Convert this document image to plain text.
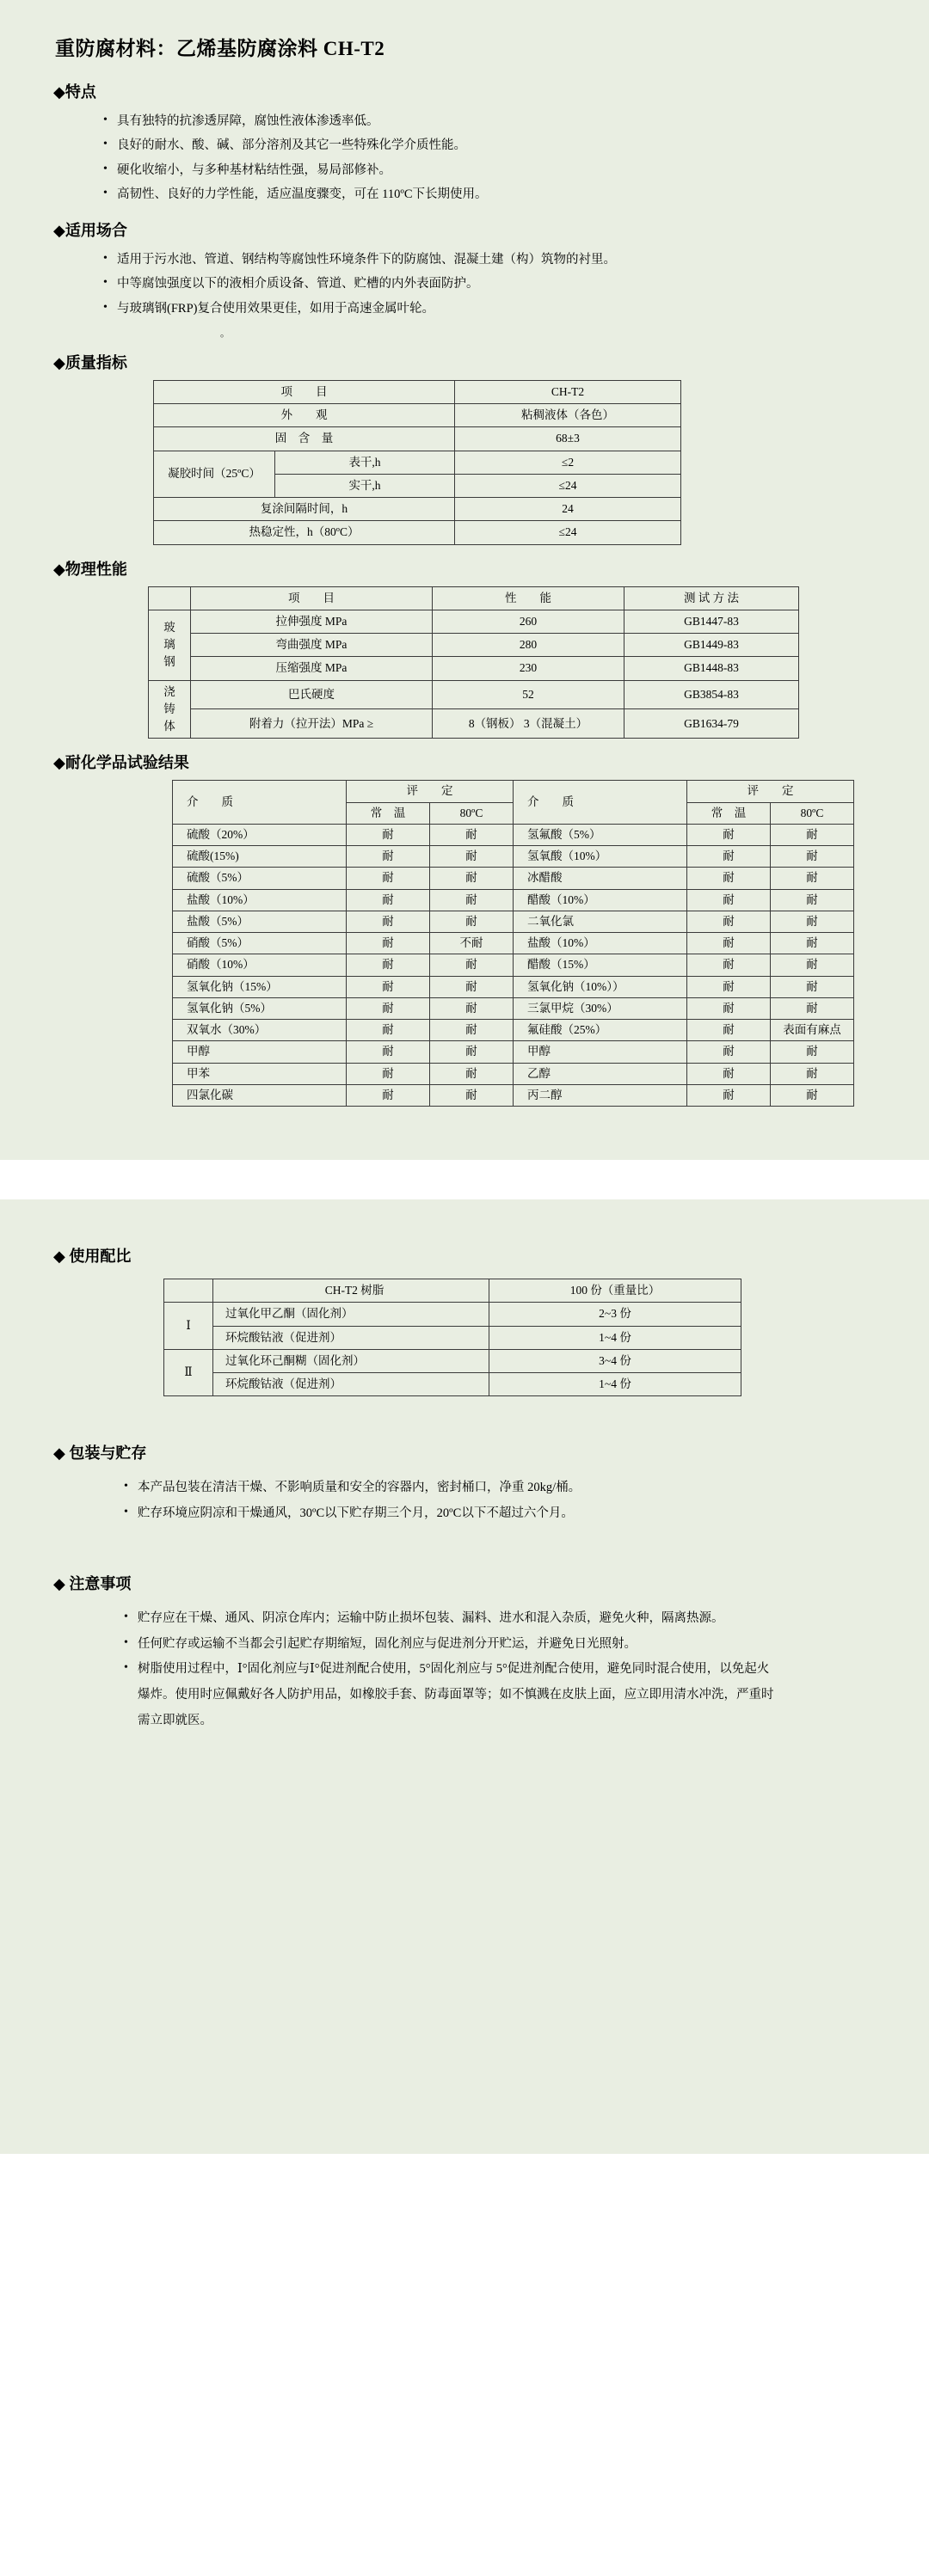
重防腐材料：乙烯基防腐涂料 CH-T2
◆特点
• 具有独特的抗渗透屏障，腐蚀性液体渗透率低。
• 良好的耐水、酸、碱、部分溶剂及其它一些特殊化学介质性能。
• 硬化收缩小，与多种基材粘结性强，易局部修补。
• 高韧性、良好的力学性能，适应温度骤变，可在 110ºC下长期使用。
◆适用场合
• 适用于污水池、管道、钢结构等腐蚀性环境条件下的防腐蚀、混凝土建（构）筑物的衬里。
• 中等腐蚀强度以下的液相介质设备、管道、贮槽的内外表面防护。
• 与玻璃钢(FRP)复合使用效果更佳，如用于高速金属叶轮。
。
◆质量指标
项　　目		CH-T2
外　　观		粘稠液体（各色）
固　含　量		68±3
凝胶时间（25ºC）	表干,h	≤2
	实干,h	≤24
复涂间隔时间，h		24
热稳定性，h（80ºC）		≤24
◆物理性能
	项　　目	性　　能	测 试 方 法
玻
璃
钢	拉伸强度 MPa	260	GB1447-83
	弯曲强度 MPa	280	GB1449-83
	压缩强度 MPa	230	GB1448-83
浇
铸
体	巴氏硬度	52	GB3854-83
	附着力（拉开法）MPa ≥	8（钢板） 3（混凝土）	GB1634-79
◆耐化学品试验结果
介　　质	评　　定		介　　质	评　　定	
	常　温	80ºC		常　温	80ºC
硫酸（20%）	耐	耐	氢氟酸（5%）	耐	耐
硫酸(15%)	耐	耐	氢氧酸（10%）	耐	耐
硫酸（5%）	耐	耐	冰醋酸	耐	耐
盐酸（10%）	耐	耐	醋酸（10%）	耐	耐
盐酸（5%）	耐	耐	二氧化氯	耐	耐
硝酸（5%）	耐	不耐	盐酸（10%）	耐	耐
硝酸（10%）	耐	耐	醋酸（15%）	耐	耐
氢氧化钠（15%）	耐	耐	氢氧化钠（10%））	耐	耐
氢氧化钠（5%）	耐	耐	三氯甲烷（30%）	耐	耐
双氧水（30%）	耐	耐	氟硅酸（25%）	耐	表面有麻点
甲醇	耐	耐	甲醇	耐	耐
甲苯	耐	耐	乙醇	耐	耐
四氯化碳	耐	耐	丙二醇	耐	耐
◆ 使用配比
	CH-T2 树脂	100 份（重量比）
Ⅰ	过氧化甲乙酮（固化剂）	2~3 份
	环烷酸钴液（促进剂）	1~4 份
Ⅱ	过氧化环己酮糊（固化剂）	3~4 份
	环烷酸钴液（促进剂）	1~4 份
◆ 包装与贮存
• 本产品包装在清洁干燥、不影响质量和安全的容器内，密封桶口，净重 20kg/桶。
• 贮存环境应阴凉和干燥通风，30ºC以下贮存期三个月，20ºC以下不超过六个月。
◆ 注意事项
• 贮存应在干燥、通风、阴凉仓库内；运输中防止损坏包装、漏料、进水和混入杂质，避免火种，隔离热源。
• 任何贮存或运输不当都会引起贮存期缩短，固化剂应与促进剂分开贮运，并避免日光照射。
• 树脂使用过程中，Ⅰ°固化剂应与Ⅰ°促进剂配合使用，5°固化剂应与 5°促进剂配合使用，避免同时混合使用，以免起火爆炸。使用时应佩戴好各人防护用品，如橡胶手套、防毒面罩等；如不慎溅在皮肤上面，应立即用清水冲洗，严重时需立即就医。
